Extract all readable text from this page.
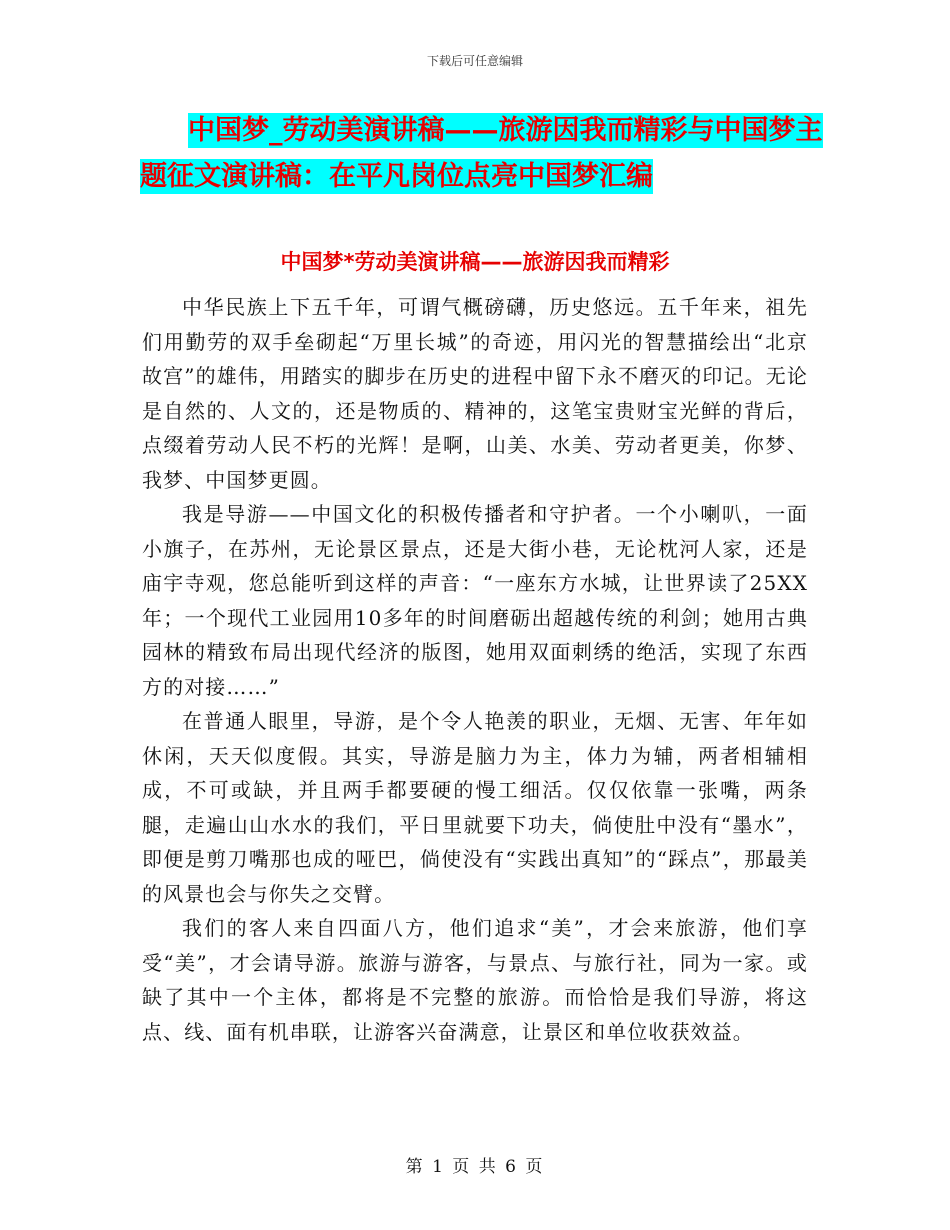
下载后可任意编辑
中国梦_劳动美演讲稿——旅游因我而精彩与中国梦主
题征文演讲稿：在平凡岗位点亮中国梦汇编
中国梦*劳动美演讲稿——旅游因我而精彩

中华民族上下五千年，可谓气概磅礴，历史悠远。五千年来，祖先们用勤劳的双手垒砌起“万里长城”的奇迹，用闪光的智慧描绘出“北京故宫”的雄伟，用踏实的脚步在历史的进程中留下永不磨灭的印记。无论是自然的、人文的，还是物质的、精神的，这笔宝贵财宝光鲜的背后，点缀着劳动人民不朽的光辉！是啊，山美、水美、劳动者更美，你梦、我梦、中国梦更圆。

我是导游——中国文化的积极传播者和守护者。一个小喇叭，一面小旗子，在苏州，无论景区景点，还是大街小巷，无论枕河人家，还是庙宇寺观，您总能听到这样的声音：“一座东方水城，让世界读了25XX年；一个现代工业园用10多年的时间磨砺出超越传统的利剑；她用古典园林的精致布局出现代经济的版图，她用双面刺绣的绝活，实现了东西方的对接……”

在普通人眼里，导游，是个令人艳羡的职业，无烟、无害、年年如休闲，天天似度假。其实，导游是脑力为主，体力为辅，两者相辅相成，不可或缺，并且两手都要硬的慢工细活。仅仅依靠一张嘴，两条腿，走遍山山水水的我们，平日里就要下功夫，倘使肚中没有“墨水”，即便是剪刀嘴那也成的哑巴，倘使没有“实践出真知”的“踩点”，那最美的风景也会与你失之交臂。

我们的客人来自四面八方，他们追求“美”，才会来旅游，他们享受“美”，才会请导游。旅游与游客，与景点、与旅行社，同为一家。或缺了其中一个主体，都将是不完整的旅游。而恰恰是我们导游，将这点、线、面有机串联，让游客兴奋满意，让景区和单位收获效益。

第 1 页 共 6 页
